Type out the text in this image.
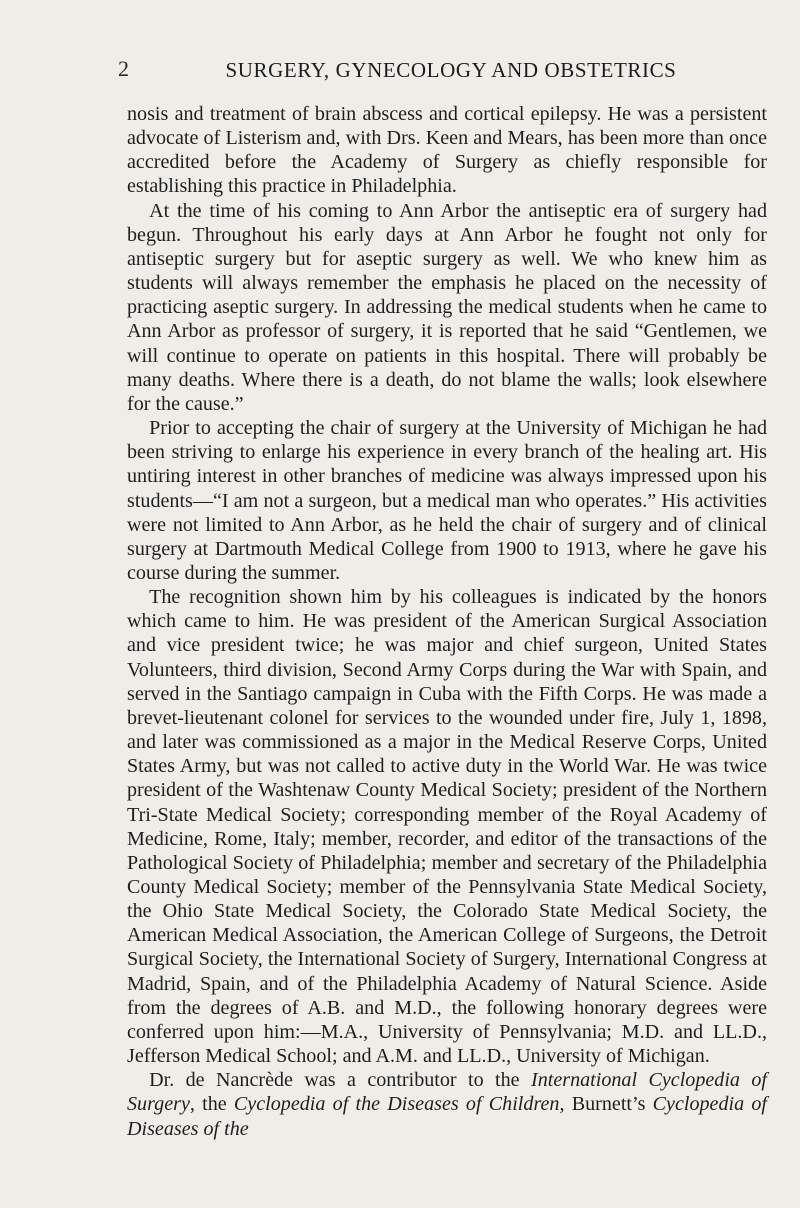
2	SURGERY, GYNECOLOGY AND OBSTETRICS

nosis and treatment of brain abscess and cortical epilepsy. He was a persistent advocate of Listerism and, with Drs. Keen and Mears, has been more than once accredited before the Academy of Surgery as chiefly responsible for establishing this practice in Philadelphia.

At the time of his coming to Ann Arbor the antiseptic era of surgery had begun. Throughout his early days at Ann Arbor he fought not only for antiseptic surgery but for aseptic surgery as well. We who knew him as students will always remember the emphasis he placed on the necessity of practicing aseptic surgery. In addressing the medical students when he came to Ann Arbor as professor of surgery, it is reported that he said “Gentlemen, we will continue to operate on patients in this hospital. There will probably be many deaths. Where there is a death, do not blame the walls; look elsewhere for the cause.”

Prior to accepting the chair of surgery at the University of Michigan he had been striving to enlarge his experience in every branch of the healing art. His untiring interest in other branches of medicine was always impressed upon his students—“I am not a surgeon, but a medical man who operates.” His activities were not limited to Ann Arbor, as he held the chair of surgery and of clinical surgery at Dartmouth Medical College from 1900 to 1913, where he gave his course during the summer.

The recognition shown him by his colleagues is indicated by the honors which came to him. He was president of the American Surgical Association and vice president twice; he was major and chief surgeon, United States Volunteers, third division, Second Army Corps during the War with Spain, and served in the Santiago campaign in Cuba with the Fifth Corps. He was made a brevet-lieutenant colonel for services to the wounded under fire, July 1, 1898, and later was commissioned as a major in the Medical Reserve Corps, United States Army, but was not called to active duty in the World War. He was twice president of the Washtenaw County Medical Society; president of the Northern Tri-State Medical Society; corresponding member of the Royal Academy of Medicine, Rome, Italy; member, recorder, and editor of the transactions of the Pathological Society of Philadelphia; member and secretary of the Philadelphia County Medical Society; member of the Pennsylvania State Medical Society, the Ohio State Medical Society, the Colorado State Medical Society, the American Medical Association, the American College of Surgeons, the Detroit Surgical Society, the International Society of Surgery, International Congress at Madrid, Spain, and of the Philadelphia Academy of Natural Science. Aside from the degrees of A.B. and M.D., the following honorary degrees were conferred upon him:—M.A., University of Pennsylvania; M.D. and LL.D., Jefferson Medical School; and A.M. and LL.D., University of Michigan.

Dr. de Nancrède was a contributor to the International Cyclopedia of Surgery, the Cyclopedia of the Diseases of Children, Burnett’s Cyclopedia of Diseases of the
